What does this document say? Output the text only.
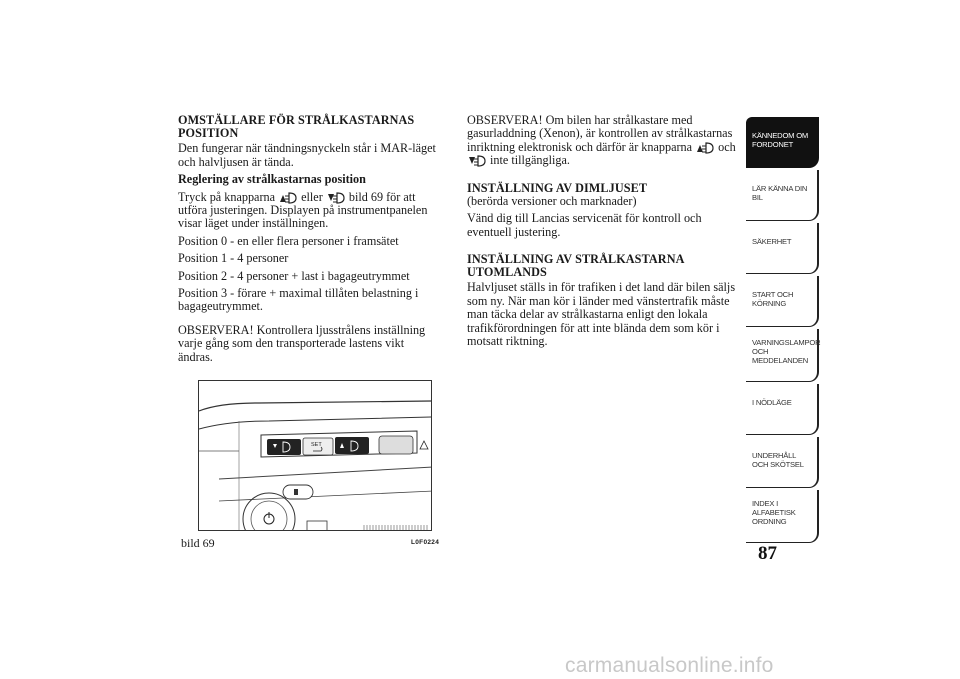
OMSTÄLLARE FÖR STRÅLKASTARNAS POSITION

Den fungerar när tändningsnyckeln står i MAR-läget och halvljusen är tända.

Reglering av strålkastarnas position

Tryck på knapparna eller bild 69 för att utföra justeringen. Displayen på instrumentpanelen visar läget under inställningen.

Position 0 - en eller flera personer i framsätet

Position 1 - 4 personer

Position 2 - 4 personer + last i bagageutrymmet

Position 3 - förare + maximal tillåten belastning i bagageutrymmet.

OBSERVERA! Kontrollera ljusstrålens inställning varje gång som den transporterade lastens vikt ändras.

SET
bild 69	L0F0224

OBSERVERA! Om bilen har strålkastare med gasurladdning (Xenon), är kontrollen av strålkastarnas inriktning elektronisk och därför är knapparna och  inte tillgängliga.

INSTÄLLNING AV DIMLJUSET

(berörda versioner och marknader)

Vänd dig till Lancias servicenät för kontroll och eventuell justering.

INSTÄLLNING AV STRÅLKASTARNA UTOMLANDS

Halvljuset ställs in för trafiken i det land där bilen säljs som ny. När man kör i länder med vänstertrafik måste man täcka delar av strålkastarna enligt den lokala trafikförordningen för att inte blända dem som kör i motsatt riktning.

KÄNNEDOM OM FORDONET
LÄR KÄNNA DIN BIL
SÄKERHET
START OCH KÖRNING
VARNINGSLAMPOR OCH MEDDELANDEN
I NÖDLÄGE
UNDERHÅLL OCH SKÖTSEL
INDEX I ALFABETISK ORDNING
87
carmanualsonline.info
